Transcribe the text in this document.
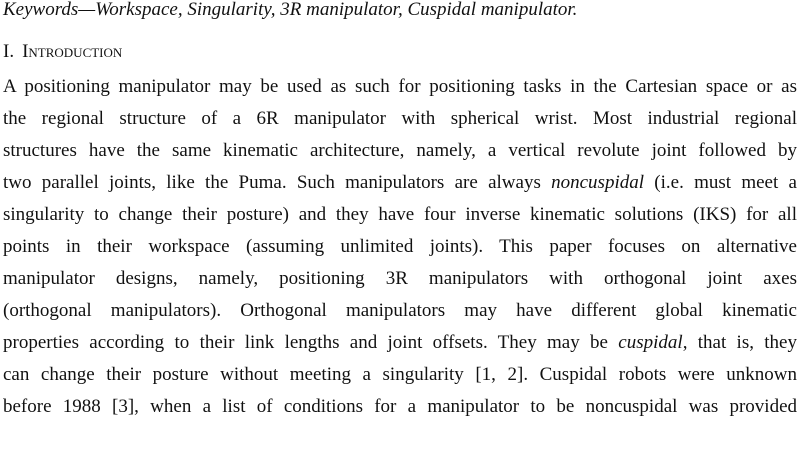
Keywords—Workspace, Singularity, 3R manipulator, Cuspidal manipulator.
I. Introduction
A positioning manipulator may be used as such for positioning tasks in the Cartesian space or as
the regional structure of a 6R manipulator with spherical wrist. Most industrial regional
structures have the same kinematic architecture, namely, a vertical revolute joint followed by
two parallel joints, like the Puma. Such manipulators are always noncuspidal (i.e. must meet a
singularity to change their posture) and they have four inverse kinematic solutions (IKS) for all
points in their workspace (assuming unlimited joints). This paper focuses on alternative
manipulator designs, namely, positioning 3R manipulators with orthogonal joint axes
(orthogonal manipulators). Orthogonal manipulators may have different global kinematic
properties according to their link lengths and joint offsets. They may be cuspidal, that is, they
can change their posture without meeting a singularity [1, 2]. Cuspidal robots were unknown
before 1988 [3], when a list of conditions for a manipulator to be noncuspidal was provided
